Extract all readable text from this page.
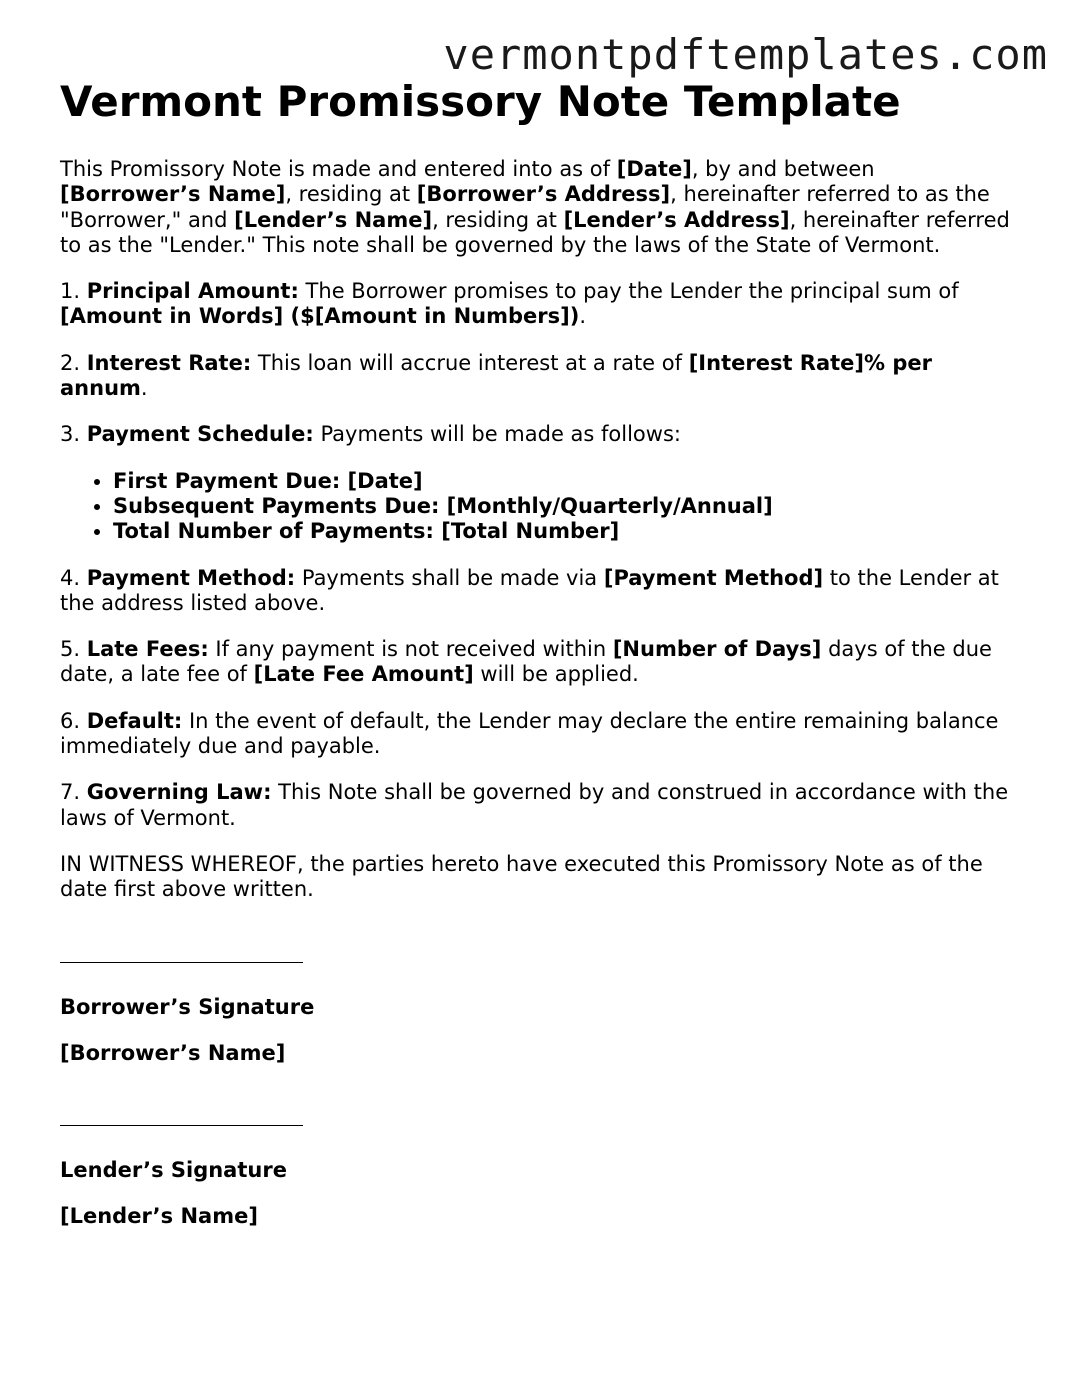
vermontpdftemplates.com
Vermont Promissory Note Template

This Promissory Note is made and entered into as of [Date], by and between [Borrower’s Name], residing at [Borrower’s Address], hereinafter referred to as the "Borrower," and [Lender’s Name], residing at [Lender’s Address], hereinafter referred to as the "Lender." This note shall be governed by the laws of the State of Vermont.

1. Principal Amount: The Borrower promises to pay the Lender the principal sum of [Amount in Words] ($[Amount in Numbers]).

2. Interest Rate: This loan will accrue interest at a rate of [Interest Rate]% per annum.

3. Payment Schedule: Payments will be made as follows:

• First Payment Due: [Date]
• Subsequent Payments Due: [Monthly/Quarterly/Annual]
• Total Number of Payments: [Total Number]

4. Payment Method: Payments shall be made via [Payment Method] to the Lender at the address listed above.

5. Late Fees: If any payment is not received within [Number of Days] days of the due date, a late fee of [Late Fee Amount] will be applied.

6. Default: In the event of default, the Lender may declare the entire remaining balance immediately due and payable.

7. Governing Law: This Note shall be governed by and construed in accordance with the laws of Vermont.

IN WITNESS WHEREOF, the parties hereto have executed this Promissory Note as of the date first above written.

Borrower’s Signature

[Borrower’s Name]

Lender’s Signature

[Lender’s Name]
